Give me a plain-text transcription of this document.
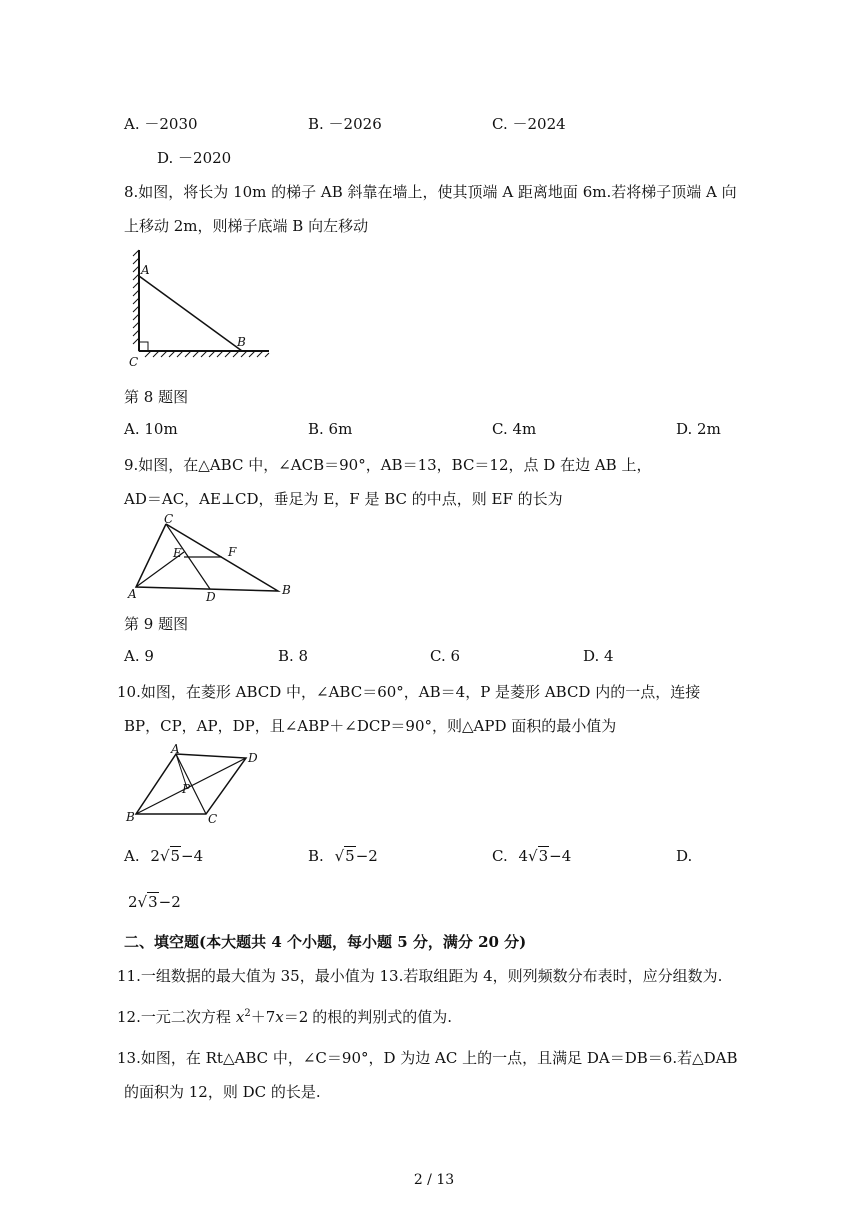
A. －2030	B. －2026	C. －2024
D. －2020
8.如图，将长为 10m 的梯子 AB 斜靠在墙上，使其顶端 A 距离地面 6m.若将梯子顶端 A 向
上移动 2m，则梯子底端 B 向左移动
A
B
C
第 8 题图
A. 10m	B. 6m	C. 4m	D. 2m
9.如图，在△ABC 中，∠ACB＝90°，AB＝13，BC＝12，点 D 在边 AB 上，
AD＝AC，AE⊥CD，垂足为 E，F 是 BC 的中点，则 EF 的长为
C
A	B
D
E	F
第 9 题图
A. 9	B. 8	C. 6	D. 4
10.如图，在菱形 ABCD 中，∠ABC＝60°，AB＝4，P 是菱形 ABCD 内的一点，连接
BP，CP，AP，DP，且∠ABP＋∠DCP＝90°，则△APD 面积的最小值为
A
D
B	C
P
A. 2√5−4	B. √5−2	C. 4√3−4	D.
2√3−2
二、填空题(本大题共 4 个小题，每小题 5 分，满分 20 分)
11.一组数据的最大值为 35，最小值为 13.若取组距为 4，则列频数分布表时，应分组数为.
12.一元二次方程 $x^2+7x=2$ 的根的判别式的值为.
13.如图，在 Rt△ABC 中，∠C＝90°，D 为边 AC 上的一点，且满足 DA＝DB＝6.若△DAB
的面积为 12，则 DC 的长是.
2 / 13
